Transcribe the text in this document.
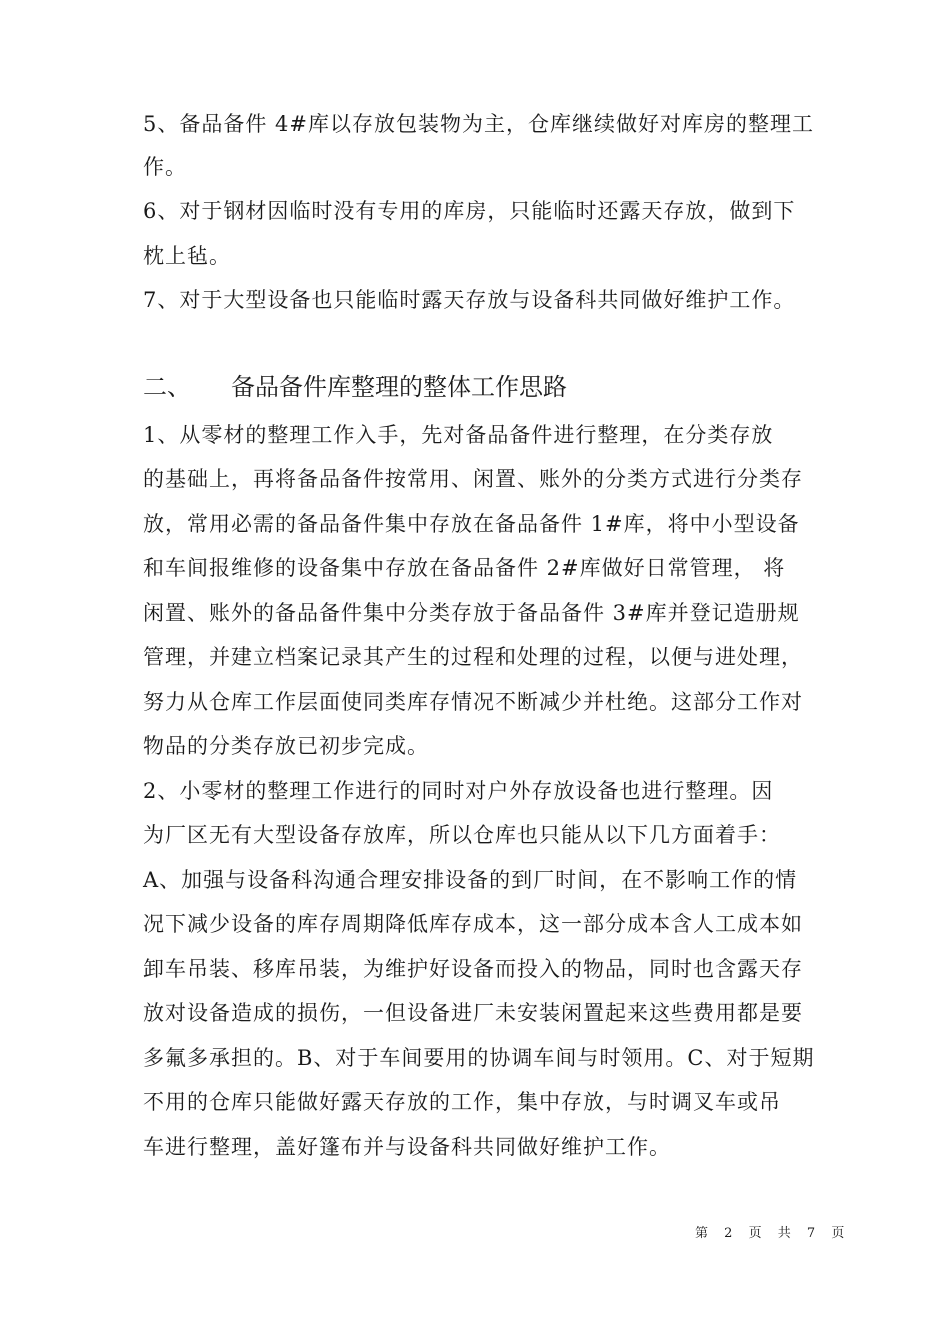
5、备品备件 4#库以存放包装物为主，仓库继续做好对库房的整理工
作。
6、对于钢材因临时没有专用的库房，只能临时还露天存放，做到下
枕上毡。
7、对于大型设备也只能临时露天存放与设备科共同做好维护工作。
二、 备品备件库整理的整体工作思路
1、从零材的整理工作入手，先对备品备件进行整理，在分类存放
的基础上，再将备品备件按常用、闲置、账外的分类方式进行分类存
放，常用必需的备品备件集中存放在备品备件 1#库，将中小型设备
和车间报维修的设备集中存放在备品备件 2#库做好日常管理， 将
闲置、账外的备品备件集中分类存放于备品备件 3#库并登记造册规
管理，并建立档案记录其产生的过程和处理的过程，以便与进处理，
努力从仓库工作层面使同类库存情况不断减少并杜绝。这部分工作对
物品的分类存放已初步完成。
2、小零材的整理工作进行的同时对户外存放设备也进行整理。因
为厂区无有大型设备存放库，所以仓库也只能从以下几方面着手：
A、加强与设备科沟通合理安排设备的到厂时间，在不影响工作的情
况下减少设备的库存周期降低库存成本，这一部分成本含人工成本如
卸车吊装、移库吊装，为维护好设备而投入的物品，同时也含露天存
放对设备造成的损伤，一但设备进厂未安装闲置起来这些费用都是要
多氟多承担的。B、对于车间要用的协调车间与时领用。C、对于短期
不用的仓库只能做好露天存放的工作，集中存放，与时调叉车或吊
车进行整理，盖好篷布并与设备科共同做好维护工作。
第 2 页 共 7 页
